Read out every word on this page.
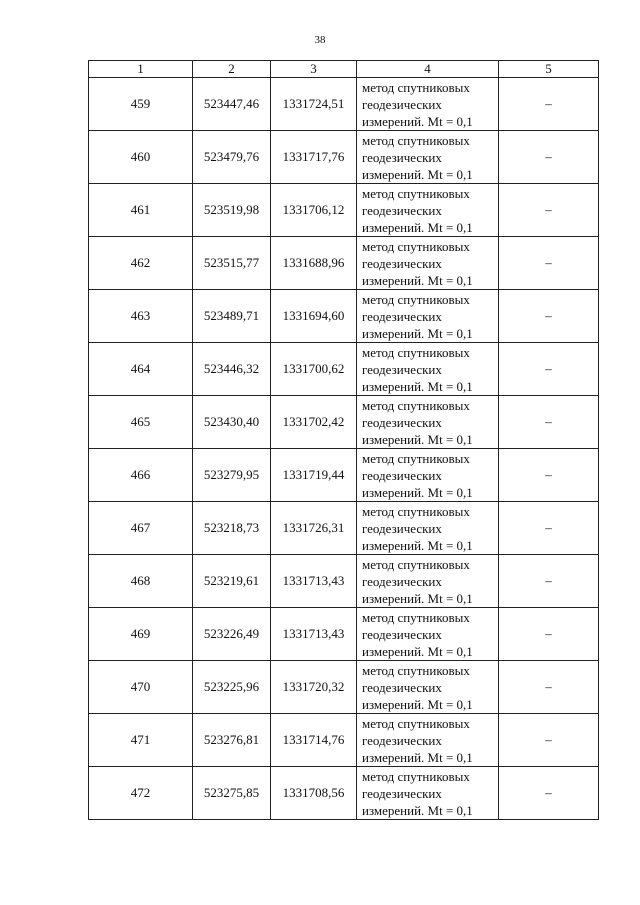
38
1	2	3	4	5
459	523447,46	1331724,51	метод спутниковых
геодезических
измерений. Mt = 0,1	–
460	523479,76	1331717,76	метод спутниковых
геодезических
измерений. Mt = 0,1	–
461	523519,98	1331706,12	метод спутниковых
геодезических
измерений. Mt = 0,1	–
462	523515,77	1331688,96	метод спутниковых
геодезических
измерений. Mt = 0,1	–
463	523489,71	1331694,60	метод спутниковых
геодезических
измерений. Mt = 0,1	–
464	523446,32	1331700,62	метод спутниковых
геодезических
измерений. Mt = 0,1	–
465	523430,40	1331702,42	метод спутниковых
геодезических
измерений. Mt = 0,1	–
466	523279,95	1331719,44	метод спутниковых
геодезических
измерений. Mt = 0,1	–
467	523218,73	1331726,31	метод спутниковых
геодезических
измерений. Mt = 0,1	–
468	523219,61	1331713,43	метод спутниковых
геодезических
измерений. Mt = 0,1	–
469	523226,49	1331713,43	метод спутниковых
геодезических
измерений. Mt = 0,1	–
470	523225,96	1331720,32	метод спутниковых
геодезических
измерений. Mt = 0,1	–
471	523276,81	1331714,76	метод спутниковых
геодезических
измерений. Mt = 0,1	–
472	523275,85	1331708,56	метод спутниковых
геодезических
измерений. Mt = 0,1	–
